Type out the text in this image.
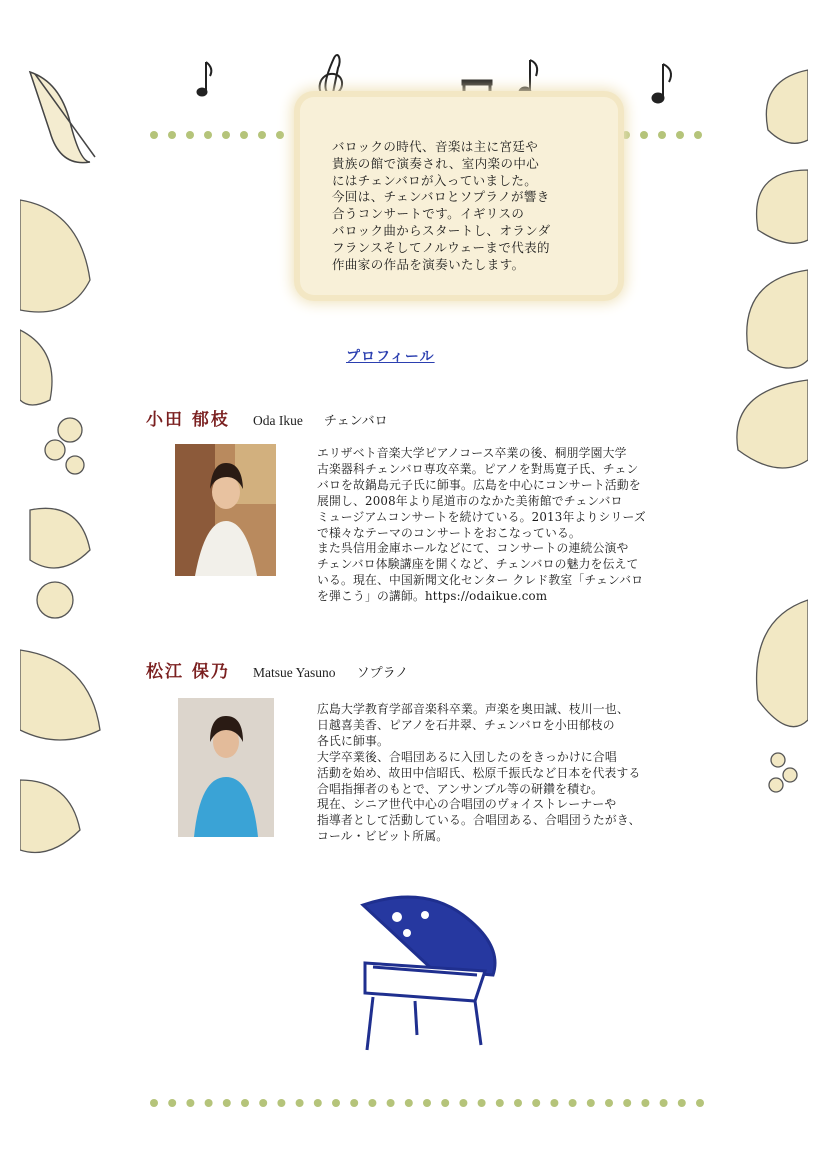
バロックの時代、音楽は主に宮廷や
貴族の館で演奏され、室内楽の中心
にはチェンバロが入っていました。
今回は、チェンバロとソプラノが響き
合うコンサートです。イギリスの
バロック曲からスタートし、オランダ
フランスそしてノルウェーまで代表的
作曲家の作品を演奏いたします。
プロフィール
小田 郁枝 Oda Ikue チェンバロ
エリザベト音楽大学ピアノコース卒業の後、桐朋学園大学
古楽器科チェンバロ専攻卒業。ピアノを對馬寛子氏、チェン
バロを故鍋島元子氏に師事。広島を中心にコンサート活動を
展開し、2008年より尾道市のなかた美術館でチェンバロ
ミュージアムコンサートを続けている。2013年よりシリーズ
で様々なテーマのコンサートをおこなっている。
また呉信用金庫ホールなどにて、コンサートの連続公演や
チェンバロ体験講座を開くなど、チェンバロの魅力を伝えて
いる。現在、中国新聞文化センター クレド教室「チェンバロ
を弾こう」の講師。https://odaikue.com
松江 保乃 Matsue Yasuno ソプラノ
広島大学教育学部音楽科卒業。声楽を奥田誠、枝川一也、
日越喜美香、ピアノを石井翠、チェンバロを小田郁枝の
各氏に師事。
大学卒業後、合唱団あるに入団したのをきっかけに合唱
活動を始め、故田中信昭氏、松原千振氏など日本を代表する
合唱指揮者のもとで、アンサンブル等の研鑽を積む。
現在、シニア世代中心の合唱団のヴォイストレーナーや
指導者として活動している。合唱団ある、合唱団うたがき、
コール・ビビット所属。
